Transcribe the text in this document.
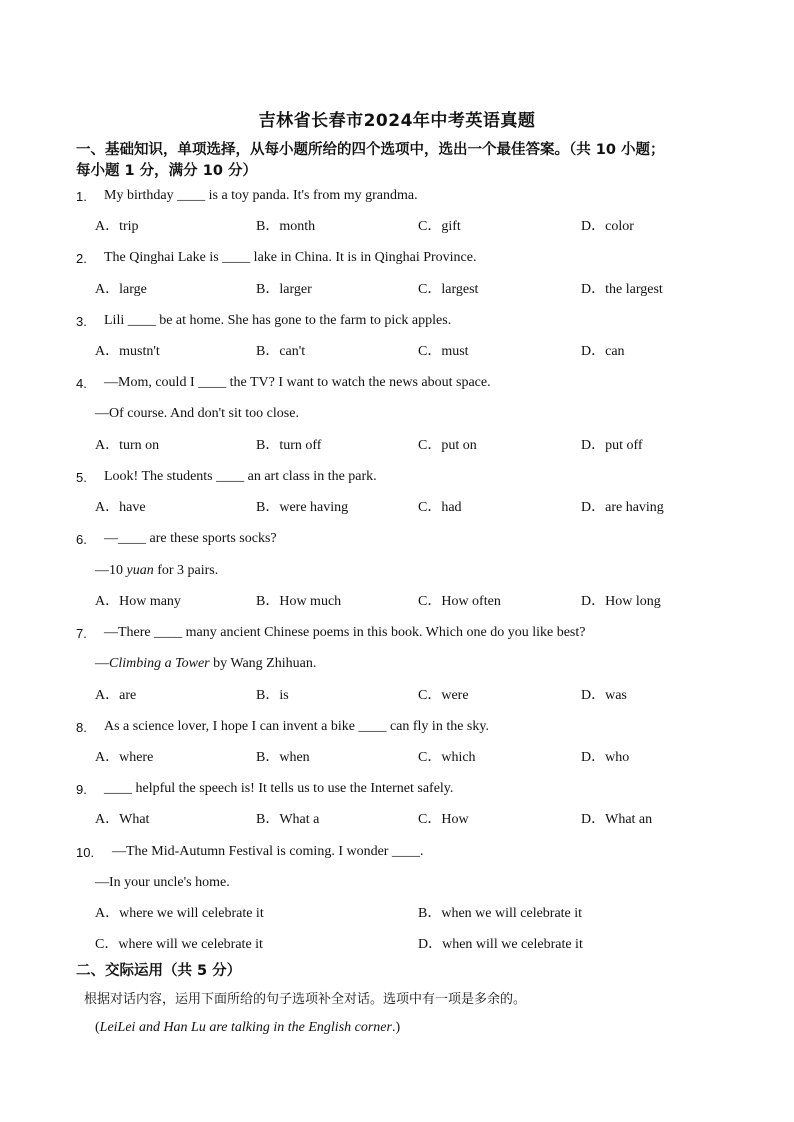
吉林省长春市2024年中考英语真题
一、基础知识，单项选择，从每小题所给的四个选项中，选出一个最佳答案。（共 10 小题；
每小题 1 分，满分 10 分）
1. My birthday ____ is a toy panda. It's from my grandma.
A．trip	B．month	C．gift	D．color
2. The Qinghai Lake is ____ lake in China. It is in Qinghai Province.
A．large	B．larger	C．largest	D．the largest
3. Lili ____ be at home. She has gone to the farm to pick apples.
A．mustn't	B．can't	C．must	D．can
4. —Mom, could I ____ the TV? I want to watch the news about space.
—Of course. And don't sit too close.
A．turn on	B．turn off	C．put on	D．put off
5. Look! The students ____ an art class in the park.
A．have	B．were having	C．had	D．are having
6. —____ are these sports socks?
—10 yuan for 3 pairs.
A．How many	B．How much	C．How often	D．How long
7. —There ____ many ancient Chinese poems in this book. Which one do you like best?
—Climbing a Tower by Wang Zhihuan.
A．are	B．is	C．were	D．was
8. As a science lover, I hope I can invent a bike ____ can fly in the sky.
A．where	B．when	C．which	D．who
9. ____ helpful the speech is! It tells us to use the Internet safely.
A．What	B．What a	C．How	D．What an
10. —The Mid-Autumn Festival is coming. I wonder ____.
—In your uncle's home.
A．where we will celebrate it	B．when we will celebrate it
C．where will we celebrate it	D．when will we celebrate it
二、交际运用（共 5 分）
根据对话内容，运用下面所给的句子选项补全对话。选项中有一项是多余的。
(LeiLei and Han Lu are talking in the English corner.)
